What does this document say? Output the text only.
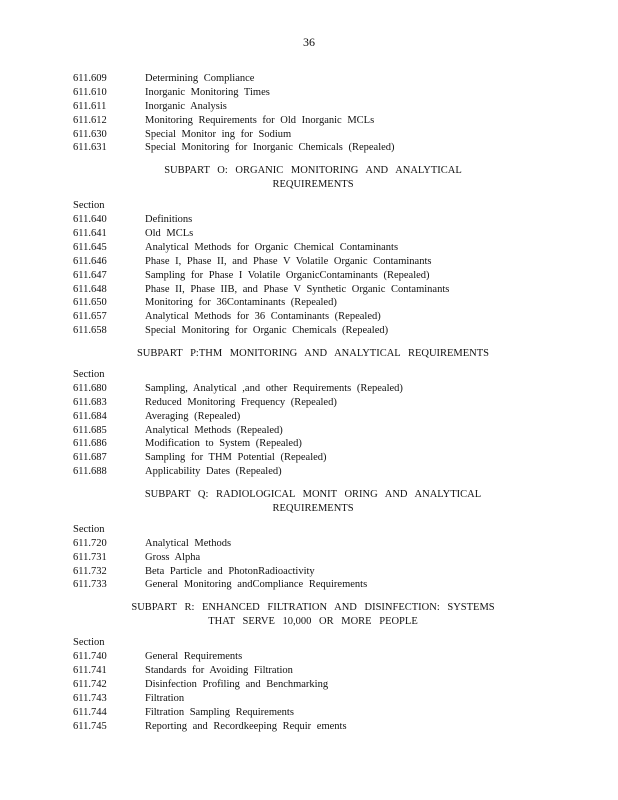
36
611.609	Determining Compliance
611.610	Inorganic Monitoring Times
611.611	Inorganic Analysis
611.612	Monitoring Requirements for Old Inorganic MCLs
611.630	Special Monitor ing for Sodium
611.631	Special Monitoring for Inorganic Chemicals (Repealed)
SUBPART O: ORGANIC MONITORING AND ANALYTICAL
REQUIREMENTS
Section
611.640	Definitions
611.641	Old MCLs
611.645	Analytical Methods for Organic Chemical Contaminants
611.646	Phase I, Phase II, and Phase V Volatile Organic Contaminants
611.647	Sampling for Phase I Volatile OrganicContaminants (Repealed)
611.648	Phase II, Phase IIB, and Phase V Synthetic Organic Contaminants
611.650	Monitoring for 36Contaminants (Repealed)
611.657	Analytical Methods for 36 Contaminants (Repealed)
611.658	Special Monitoring for Organic Chemicals (Repealed)
SUBPART P:THM MONITORING AND ANALYTICAL REQUIREMENTS
Section
611.680	Sampling, Analytical ,and other Requirements (Repealed)
611.683	Reduced Monitoring Frequency (Repealed)
611.684	Averaging (Repealed)
611.685	Analytical Methods (Repealed)
611.686	Modification to System (Repealed)
611.687	Sampling for THM Potential (Repealed)
611.688	Applicability Dates (Repealed)
SUBPART Q: RADIOLOGICAL MONIT ORING AND ANALYTICAL
REQUIREMENTS
Section
611.720	Analytical Methods
611.731	Gross Alpha
611.732	Beta Particle and PhotonRadioactivity
611.733	General Monitoring andCompliance Requirements
SUBPART R: ENHANCED FILTRATION AND DISINFECTION: SYSTEMS
THAT SERVE 10,000 OR MORE PEOPLE
Section
611.740	General Requirements
611.741	Standards for Avoiding Filtration
611.742	Disinfection Profiling and Benchmarking
611.743	Filtration
611.744	Filtration Sampling Requirements
611.745	Reporting and Recordkeeping Requir ements
